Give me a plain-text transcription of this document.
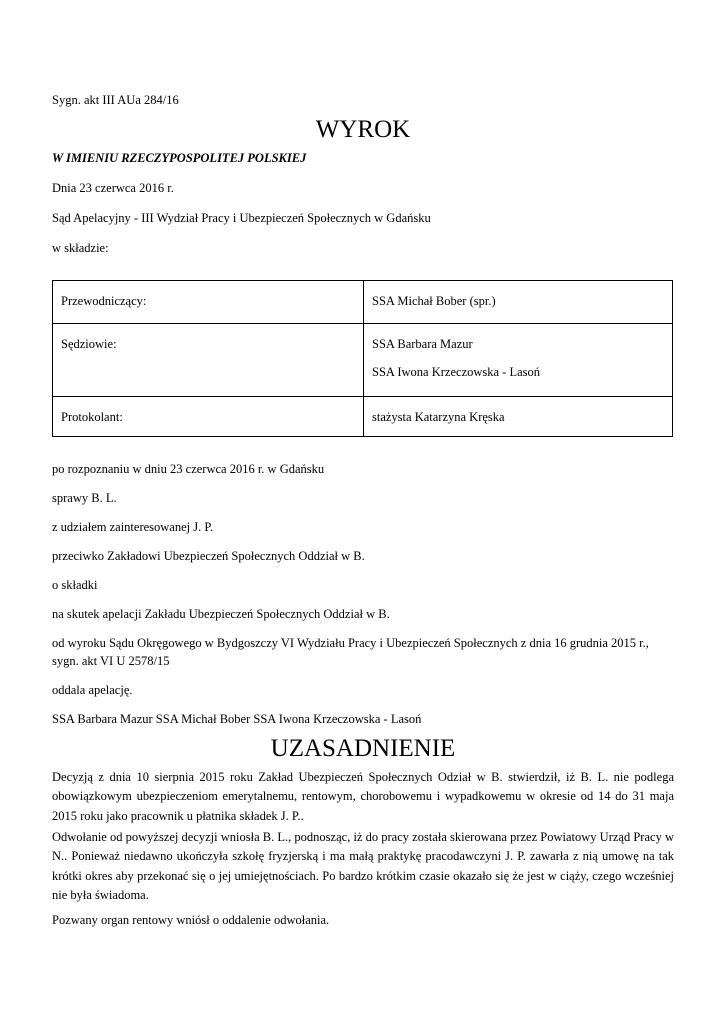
Sygn. akt III AUa 284/16

WYROK

W IMIENIU RZECZYPOSPOLITEJ POLSKIEJ

Dnia 23 czerwca 2016 r.

Sąd Apelacyjny - III Wydział Pracy i Ubezpieczeń Społecznych w Gdańsku

w składzie:

Przewodniczący:	SSA Michał Bober (spr.)

Sędziowie:	SSA Barbara Mazur
SSA Iwona Krzeczowska - Lasoń

Protokolant:	stażysta Katarzyna Kręska

po rozpoznaniu w dniu 23 czerwca 2016 r. w Gdańsku

sprawy B. L.

z udziałem zainteresowanej J. P.

przeciwko Zakładowi Ubezpieczeń Społecznych Oddział w B.

o składki

na skutek apelacji Zakładu Ubezpieczeń Społecznych Oddział w B.

od wyroku Sądu Okręgowego w Bydgoszczy VI Wydziału Pracy i Ubezpieczeń Społecznych z dnia 16 grudnia 2015 r., sygn. akt VI U 2578/15

oddala apelację.

SSA Barbara Mazur SSA Michał Bober SSA Iwona Krzeczowska - Lasoń

UZASADNIENIE

Decyzją z dnia 10 sierpnia 2015 roku Zakład Ubezpieczeń Społecznych Odział w B. stwierdził, iż B. L. nie podlega obowiązkowym ubezpieczeniom emerytalnemu, rentowym, chorobowemu i wypadkowemu w okresie od 14 do 31 maja 2015 roku jako pracownik u płatnika składek J. P..

Odwołanie od powyższej decyzji wniosła B. L., podnosząc, iż do pracy została skierowana przez Powiatowy Urząd Pracy w N.. Ponieważ niedawno ukończyła szkołę fryzjerską i ma małą praktykę pracodawczyni J. P. zawarła z nią umowę na tak krótki okres aby przekonać się o jej umiejętnościach. Po bardzo krótkim czasie okazało się że jest w ciąży, czego wcześniej nie była świadoma.

Pozwany organ rentowy wniósł o oddalenie odwołania.
